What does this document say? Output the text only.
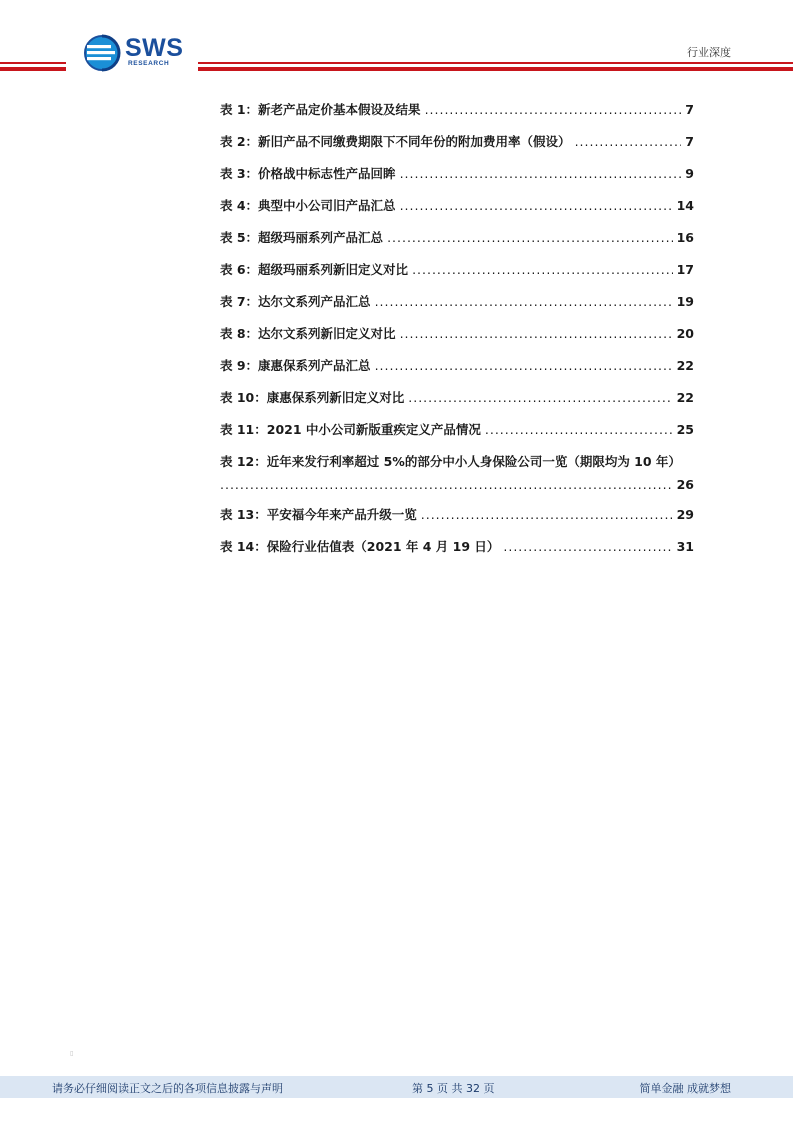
SWS
RESEARCH
行业深度
表 1：新老产品定价基本假设及结果 .....	7
表 2：新旧产品不同缴费期限下不同年份的附加费用率（假设） .....	7
表 3：价格战中标志性产品回眸 .....	9
表 4：典型中小公司旧产品汇总 .....	14
表 5：超级玛丽系列产品汇总 .....	16
表 6：超级玛丽系列新旧定义对比 .....	17
表 7：达尔文系列产品汇总 .....	19
表 8：达尔文系列新旧定义对比 .....	20
表 9：康惠保系列产品汇总 .....	22
表 10：康惠保系列新旧定义对比 .....	22
表 11：2021 中小公司新版重疾定义产品情况 .....	25
表 12：近年来发行利率超过 5%的部分中小人身保险公司一览（期限均为 10 年）
.....
26
表 13：平安福今年来产品升级一览 .....	29
表 14：保险行业估值表（2021 年 4 月 19 日） .....	31
▯
请务必仔细阅读正文之后的各项信息披露与声明	第 5 页 共 32 页	简单金融 成就梦想
